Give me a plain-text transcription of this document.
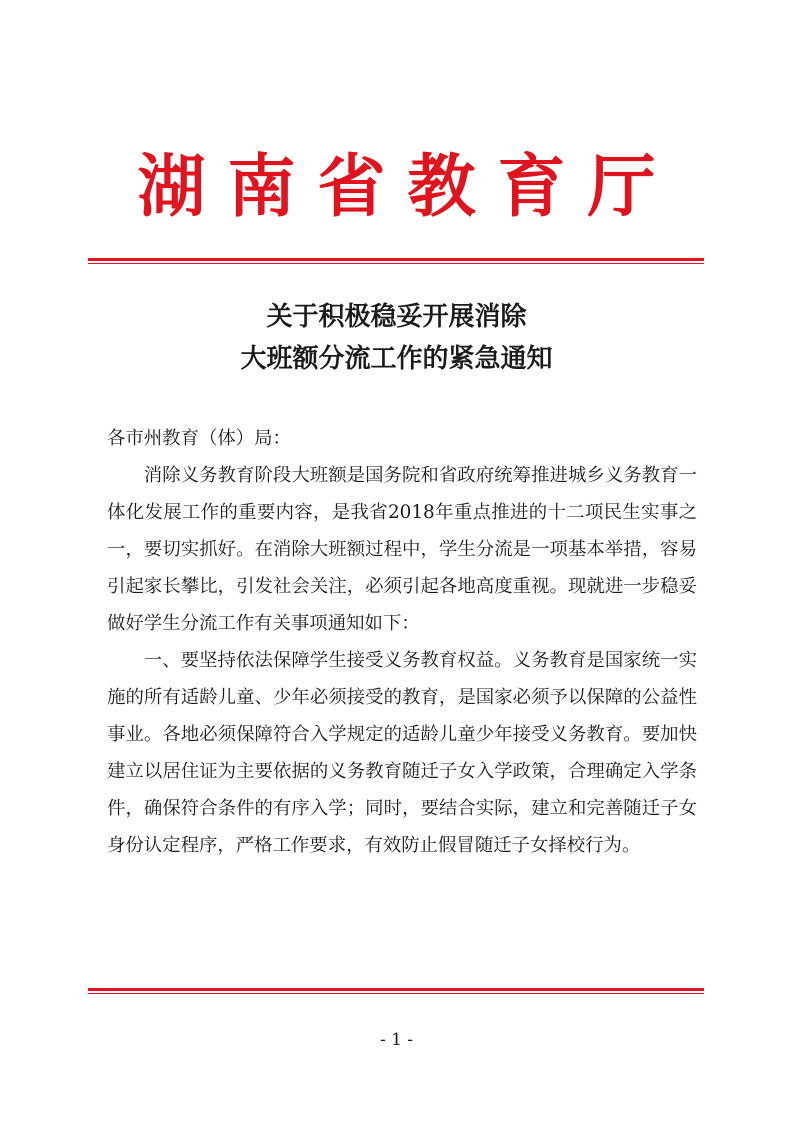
湖南省教育厅
关于积极稳妥开展消除
大班额分流工作的紧急通知

各市州教育（体）局：

消除义务教育阶段大班额是国务院和省政府统筹推进城乡义务教育一体化发展工作的重要内容，是我省2018年重点推进的十二项民生实事之一，要切实抓好。在消除大班额过程中，学生分流是一项基本举措，容易引起家长攀比，引发社会关注，必须引起各地高度重视。现就进一步稳妥做好学生分流工作有关事项通知如下：

一、要坚持依法保障学生接受义务教育权益。义务教育是国家统一实施的所有适龄儿童、少年必须接受的教育，是国家必须予以保障的公益性事业。各地必须保障符合入学规定的适龄儿童少年接受义务教育。要加快建立以居住证为主要依据的义务教育随迁子女入学政策，合理确定入学条件，确保符合条件的有序入学；同时，要结合实际，建立和完善随迁子女身份认定程序，严格工作要求，有效防止假冒随迁子女择校行为。

- 1 -
